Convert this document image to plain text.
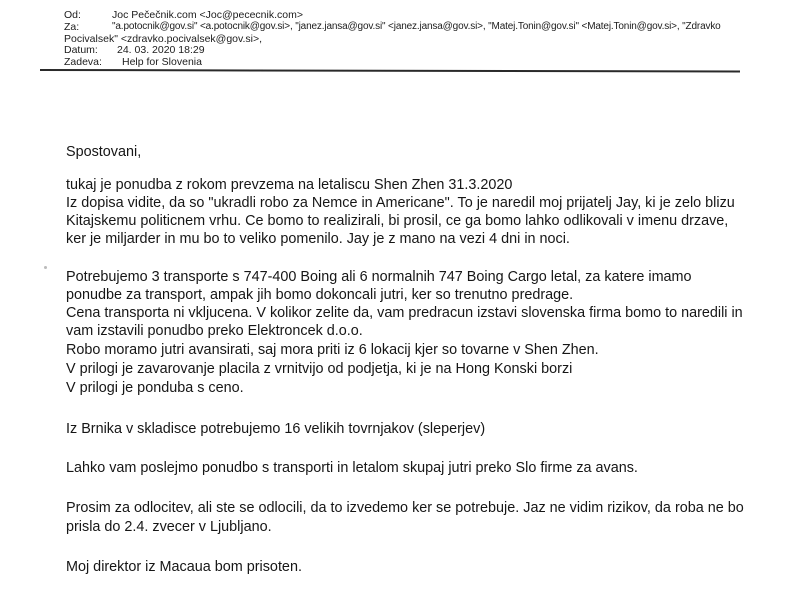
Od:	Joc Pečečnik.com <Joc@pececnik.com>
Za:	"a.potocnik@gov.si" <a.potocnik@gov.si>, "janez.jansa@gov.si" <janez.jansa@gov.si>, "Matej.Tonin@gov.si" <Matej.Tonin@gov.si>, "Zdravko
Pocivalsek" <zdravko.pocivalsek@gov.si>,
Datum: 24. 03. 2020 18:29
Zadeva: Help for Slovenia
Spostovani,
tukaj je ponudba z rokom prevzema na letaliscu Shen Zhen 31.3.2020
Iz dopisa vidite, da so "ukradli robo za Nemce in Americane". To je naredil moj prijatelj Jay, ki je zelo blizu
Kitajskemu politicnem vrhu. Ce bomo to realizirali, bi prosil, ce ga bomo lahko odlikovali v imenu drzave,
ker je miljarder in mu bo to veliko pomenilo. Jay je z mano na vezi 4 dni in noci.
Potrebujemo 3 transporte s 747-400 Boing ali 6 normalnih 747 Boing Cargo letal, za katere imamo
ponudbe za transport, ampak jih bomo dokoncali jutri, ker so trenutno predrage.
Cena transporta ni vkljucena. V kolikor zelite da, vam predracun izstavi slovenska firma bomo to naredili in
vam izstavili ponudbo preko Elektroncek d.o.o.
Robo moramo jutri avansirati, saj mora priti iz 6 lokacij kjer so tovarne v Shen Zhen.
V prilogi je zavarovanje placila z vrnitvijo od podjetja, ki je na Hong Konski borzi
V prilogi je ponduba s ceno.
Iz Brnika v skladisce potrebujemo 16 velikih tovrnjakov (sleperjev)
Lahko vam poslejmo ponudbo s transporti in letalom skupaj jutri preko Slo firme za avans.
Prosim za odlocitev, ali ste se odlocili, da to izvedemo ker se potrebuje. Jaz ne vidim rizikov, da roba ne bo
prisla do 2.4. zvecer v Ljubljano.
Moj direktor iz Macaua bom prisoten.
